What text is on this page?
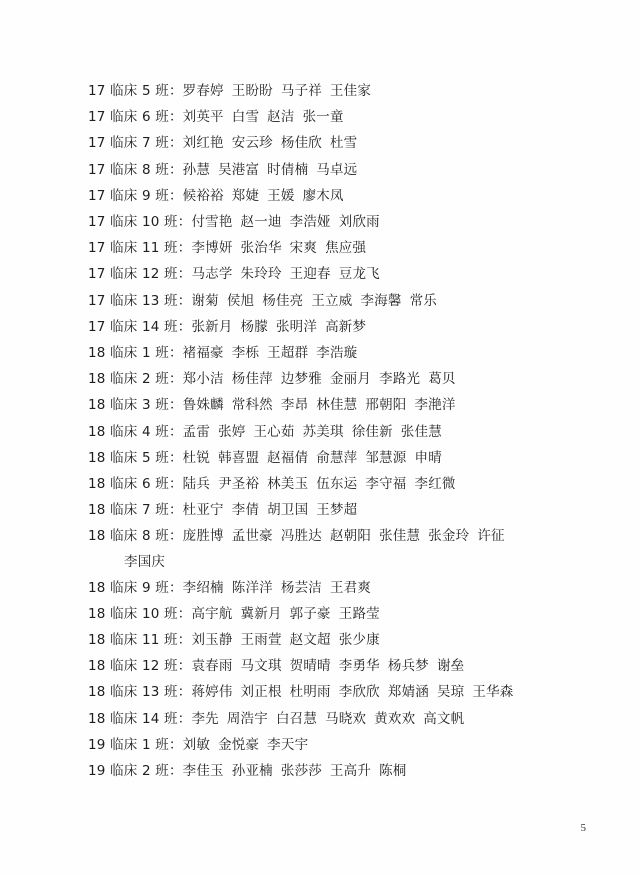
17 临床 5 班：罗春婷 王盼盼 马子祥 王佳家
17 临床 6 班：刘英平 白雪 赵洁 张一童
17 临床 7 班：刘红艳 安云珍 杨佳欣 杜雪
17 临床 8 班：孙慧 吴港富 时倩楠 马卓远
17 临床 9 班：候裕裕 郑婕 王媛 廖木凤
17 临床 10 班：付雪艳 赵一迪 李浩娅 刘欣雨
17 临床 11 班：李博妍 张治华 宋爽 焦应强
17 临床 12 班：马志学 朱玲玲 王迎春 豆龙飞
17 临床 13 班：谢菊 侯旭 杨佳亮 王立威 李海馨 常乐
17 临床 14 班：张新月 杨朦 张明洋 高新梦
18 临床 1 班：褚福豪 李栎 王超群 李浩璇
18 临床 2 班：郑小洁 杨佳萍 边梦雅 金丽月 李路光 葛贝
18 临床 3 班：鲁姝麟 常科然 李昂 林佳慧 邢朝阳 李滟洋
18 临床 4 班：孟雷 张婷 王心茹 苏美琪 徐佳新 张佳慧
18 临床 5 班：杜锐 韩喜盟 赵福倩 俞慧萍 邹慧源 申晴
18 临床 6 班：陆兵 尹圣裕 林美玉 伍东运 李守福 李红微
18 临床 7 班：杜亚宁 李倩 胡卫国 王梦超
18 临床 8 班：庞胜博 孟世豪 冯胜达 赵朝阳 张佳慧 张金玲 许征
李国庆
18 临床 9 班：李绍楠 陈洋洋 杨芸洁 王君爽
18 临床 10 班：高宇航 冀新月 郭子豪 王路莹
18 临床 11 班：刘玉静 王雨萱 赵文超 张少康
18 临床 12 班：袁春雨 马文琪 贺晴晴 李勇华 杨兵梦 谢垒
18 临床 13 班：蒋婷伟 刘正根 杜明雨 李欣欣 郑婧涵 吴琼 王华森
18 临床 14 班：李先 周浩宇 白召慧 马晓欢 黄欢欢 高文帆
19 临床 1 班：刘敏 金悦豪 李天宇
19 临床 2 班：李佳玉 孙亚楠 张莎莎 王高升 陈桐
5
